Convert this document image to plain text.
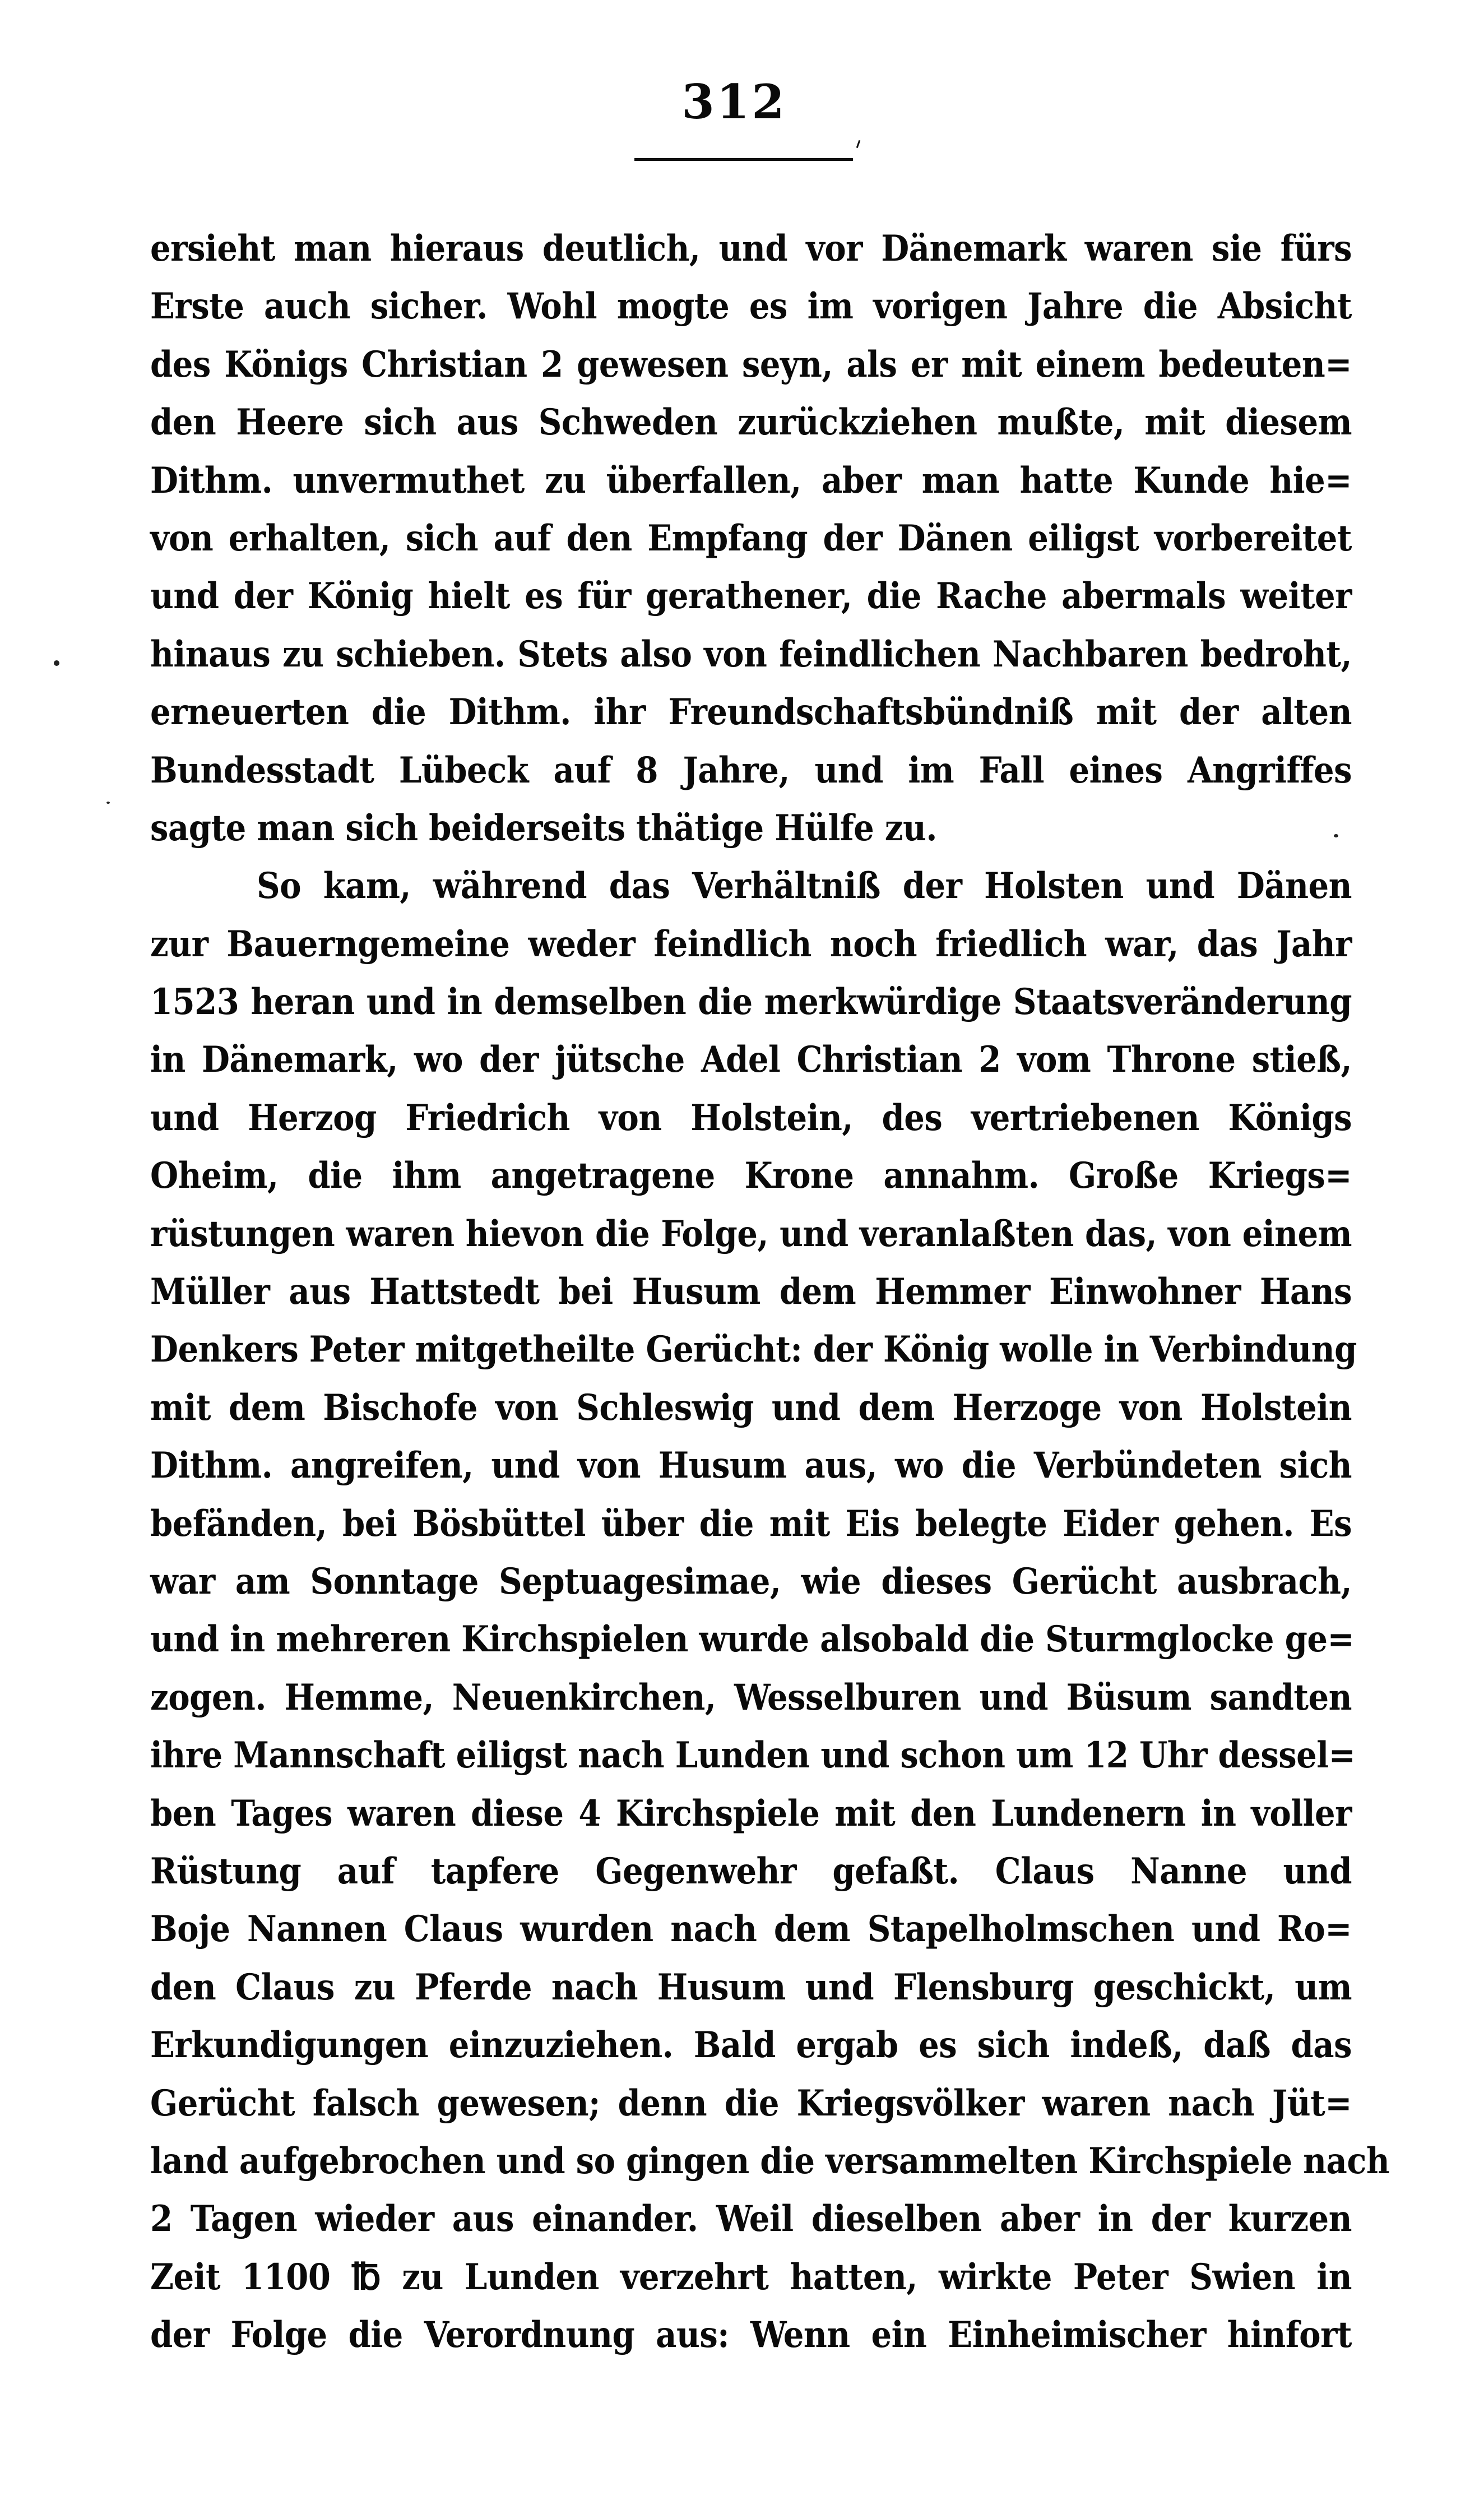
312
ersieht man hieraus deutlich, und vor Dänemark waren sie fürs
Erste auch sicher. Wohl mogte es im vorigen Jahre die Absicht
des Königs Christian 2 gewesen seyn, als er mit einem bedeuten=
den Heere sich aus Schweden zurückziehen mußte, mit diesem
Dithm. unvermuthet zu überfallen, aber man hatte Kunde hie=
von erhalten, sich auf den Empfang der Dänen eiligst vorbereitet
und der König hielt es für gerathener, die Rache abermals weiter
hinaus zu schieben. Stets also von feindlichen Nachbaren bedroht,
erneuerten die Dithm. ihr Freundschaftsbündniß mit der alten
Bundesstadt Lübeck auf 8 Jahre, und im Fall eines Angriffes
sagte man sich beiderseits thätige Hülfe zu.
So kam, während das Verhältniß der Holsten und Dänen
zur Bauerngemeine weder feindlich noch friedlich war, das Jahr
1523 heran und in demselben die merkwürdige Staatsveränderung
in Dänemark, wo der jütsche Adel Christian 2 vom Throne stieß,
und Herzog Friedrich von Holstein, des vertriebenen Königs
Oheim, die ihm angetragene Krone annahm. Große Kriegs=
rüstungen waren hievon die Folge, und veranlaßten das, von einem
Müller aus Hattstedt bei Husum dem Hemmer Einwohner Hans
Denkers Peter mitgetheilte Gerücht: der König wolle in Verbindung
mit dem Bischofe von Schleswig und dem Herzoge von Holstein
Dithm. angreifen, und von Husum aus, wo die Verbündeten sich
befänden, bei Bösbüttel über die mit Eis belegte Eider gehen. Es
war am Sonntage Septuagesimae, wie dieses Gerücht ausbrach,
und in mehreren Kirchspielen wurde alsobald die Sturmglocke ge=
zogen. Hemme, Neuenkirchen, Wesselburen und Büsum sandten
ihre Mannschaft eiligst nach Lunden und schon um 12 Uhr dessel=
ben Tages waren diese 4 Kirchspiele mit den Lundenern in voller
Rüstung auf tapfere Gegenwehr gefaßt. Claus Nanne und
Boje Nannen Claus wurden nach dem Stapelholmschen und Ro=
den Claus zu Pferde nach Husum und Flensburg geschickt, um
Erkundigungen einzuziehen. Bald ergab es sich indeß, daß das
Gerücht falsch gewesen; denn die Kriegsvölker waren nach Jüt=
land aufgebrochen und so gingen die versammelten Kirchspiele nach
2 Tagen wieder aus einander. Weil dieselben aber in der kurzen
Zeit 1100 ℔ zu Lunden verzehrt hatten, wirkte Peter Swien in
der Folge die Verordnung aus: Wenn ein Einheimischer hinfort
